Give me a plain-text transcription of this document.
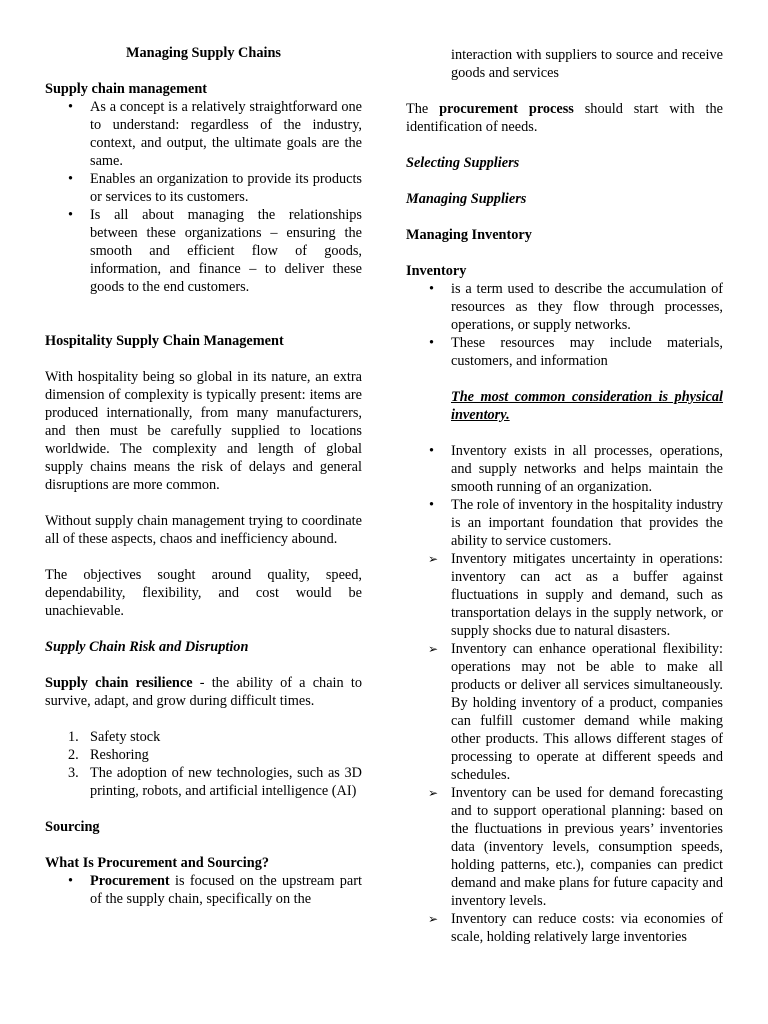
Managing Supply Chains

Supply chain management

• As a concept is a relatively straightforward one to understand: regardless of the industry, context, and output, the ultimate goals are the same.
• Enables an organization to provide its products or services to its customers.
• Is all about managing the relationships between these organizations – ensuring the smooth and efficient flow of goods, information, and finance – to deliver these goods to the end customers.

Hospitality Supply Chain Management

With hospitality being so global in its nature, an extra dimension of complexity is typically present: items are produced internationally, from many manufacturers, and then must be carefully supplied to locations worldwide. The complexity and length of global supply chains means the risk of delays and general disruptions are more common.

Without supply chain management trying to coordinate all of these aspects, chaos and inefficiency abound.

The objectives sought around quality, speed, dependability, flexibility, and cost would be unachievable.

Supply Chain Risk and Disruption

Supply chain resilience - the ability of a chain to survive, adapt, and grow during difficult times.

1. Safety stock
2. Reshoring
3. The adoption of new technologies, such as 3D printing, robots, and artificial intelligence (AI)

Sourcing

What Is Procurement and Sourcing?

• Procurement is focused on the upstream part of the supply chain, specifically on the

interaction with suppliers to source and receive goods and services

The procurement process should start with the identification of needs.

Selecting Suppliers

Managing Suppliers

Managing Inventory

Inventory

• is a term used to describe the accumulation of resources as they flow through processes, operations, or supply networks.
• These resources may include materials, customers, and information

The most common consideration is physical inventory.

• Inventory exists in all processes, operations, and supply networks and helps maintain the smooth running of an organization.
• The role of inventory in the hospitality industry is an important foundation that provides the ability to service customers.
➢ Inventory mitigates uncertainty in operations: inventory can act as a buffer against fluctuations in supply and demand, such as transportation delays in the supply network, or supply shocks due to natural disasters.
➢ Inventory can enhance operational flexibility: operations may not be able to make all products or deliver all services simultaneously. By holding inventory of a product, companies can fulfill customer demand while making other products. This allows different stages of processing to operate at different speeds and schedules.
➢ Inventory can be used for demand forecasting and to support operational planning: based on the fluctuations in previous years’ inventories data (inventory levels, consumption speeds, holding patterns, etc.), companies can predict demand and make plans for future capacity and inventory levels.
➢ Inventory can reduce costs: via economies of scale, holding relatively large inventories
